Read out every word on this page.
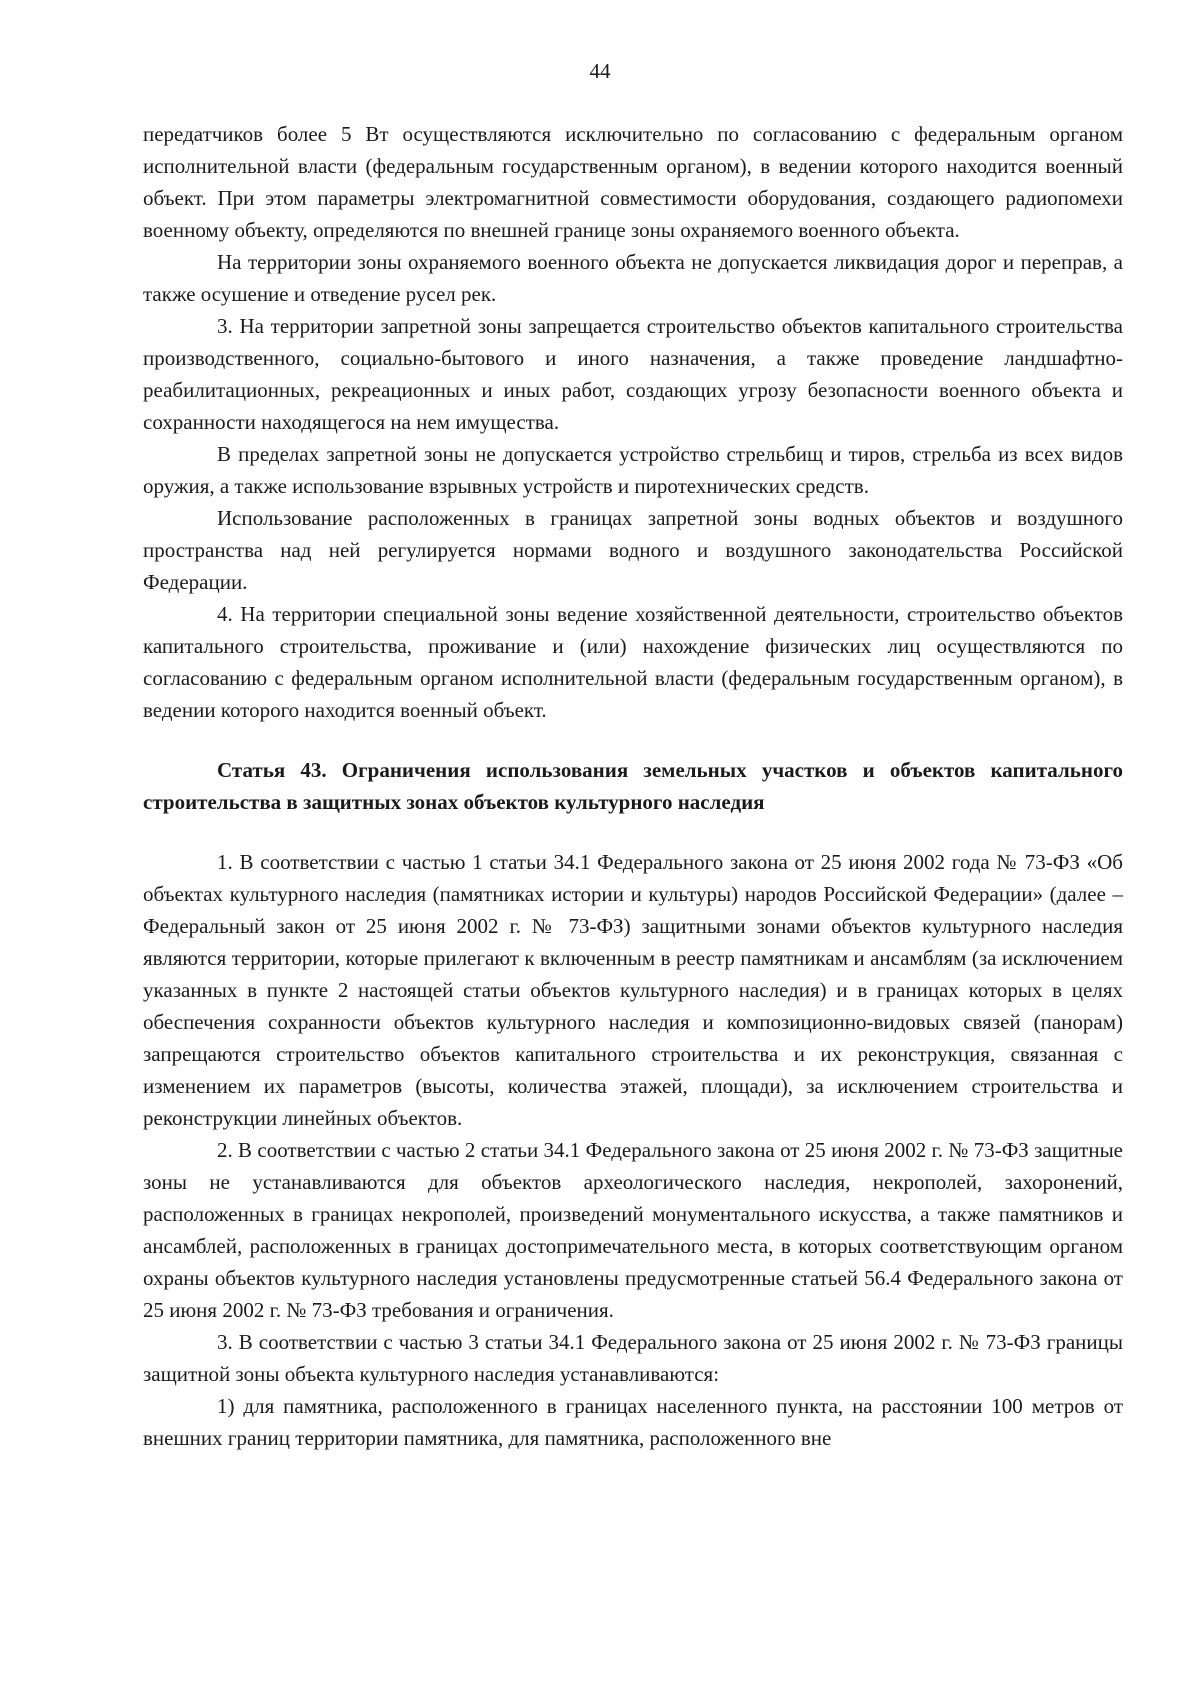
44

передатчиков более 5 Вт осуществляются исключительно по согласованию с федеральным органом исполнительной власти (федеральным государственным органом), в ведении которого находится военный объект. При этом параметры электромагнитной совместимости оборудования, создающего радиопомехи военному объекту, определяются по внешней границе зоны охраняемого военного объекта.

На территории зоны охраняемого военного объекта не допускается ликвидация дорог и переправ, а также осушение и отведение русел рек.

3. На территории запретной зоны запрещается строительство объектов капитального строительства производственного, социально-бытового и иного назначения, а также проведение ландшафтно-реабилитационных, рекреационных и иных работ, создающих угрозу безопасности военного объекта и сохранности находящегося на нем имущества.

В пределах запретной зоны не допускается устройство стрельбищ и тиров, стрельба из всех видов оружия, а также использование взрывных устройств и пиротехнических средств.

Использование расположенных в границах запретной зоны водных объектов и воздушного пространства над ней регулируется нормами водного и воздушного законодательства Российской Федерации.

4. На территории специальной зоны ведение хозяйственной деятельности, строительство объектов капитального строительства, проживание и (или) нахождение физических лиц осуществляются по согласованию с федеральным органом исполнительной власти (федеральным государственным органом), в ведении которого находится военный объект.

Статья 43. Ограничения использования земельных участков и объектов капитального строительства в защитных зонах объектов культурного наследия

1. В соответствии с частью 1 статьи 34.1 Федерального закона от 25 июня 2002 года № 73-ФЗ «Об объектах культурного наследия (памятниках истории и культуры) народов Российской Федерации» (далее – Федеральный закон от 25 июня 2002 г. № 73-ФЗ) защитными зонами объектов культурного наследия являются территории, которые прилегают к включенным в реестр памятникам и ансамблям (за исключением указанных в пункте 2 настоящей статьи объектов культурного наследия) и в границах которых в целях обеспечения сохранности объектов культурного наследия и композиционно-видовых связей (панорам) запрещаются строительство объектов капитального строительства и их реконструкция, связанная с изменением их параметров (высоты, количества этажей, площади), за исключением строительства и реконструкции линейных объектов.

2. В соответствии с частью 2 статьи 34.1 Федерального закона от 25 июня 2002 г. № 73-ФЗ защитные зоны не устанавливаются для объектов археологического наследия, некрополей, захоронений, расположенных в границах некрополей, произведений монументального искусства, а также памятников и ансамблей, расположенных в границах достопримечательного места, в которых соответствующим органом охраны объектов культурного наследия установлены предусмотренные статьей 56.4 Федерального закона от 25 июня 2002 г. № 73-ФЗ требования и ограничения.

3. В соответствии с частью 3 статьи 34.1 Федерального закона от 25 июня 2002 г. № 73-ФЗ границы защитной зоны объекта культурного наследия устанавливаются:

1) для памятника, расположенного в границах населенного пункта, на расстоянии 100 метров от внешних границ территории памятника, для памятника, расположенного вне
